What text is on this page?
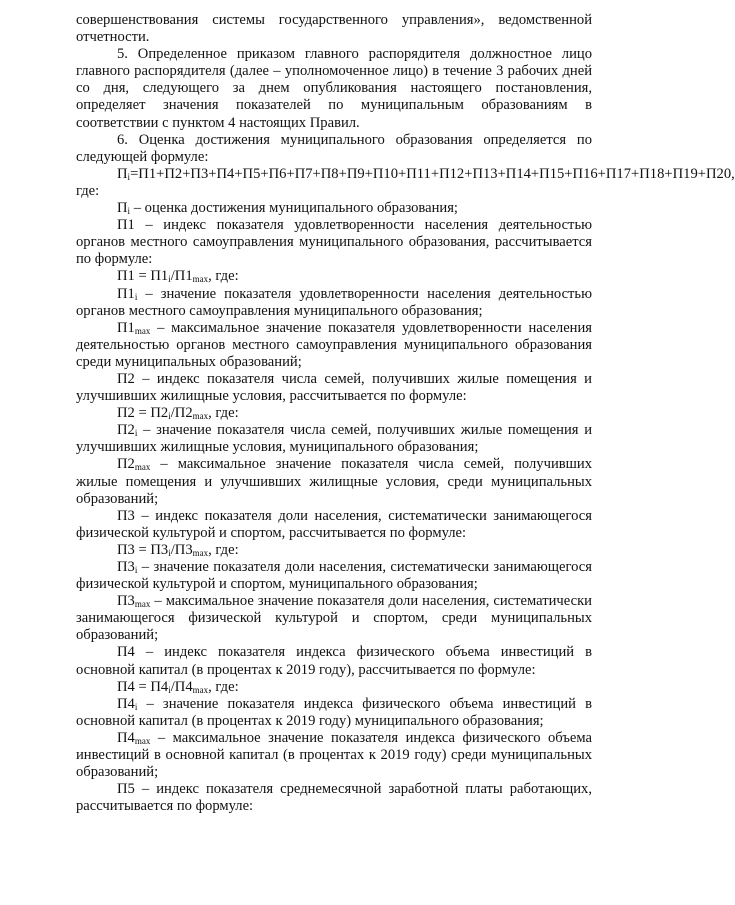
совершенствования системы государственного управления», ведомственной отчетности.

5. Определенное приказом главного распорядителя должностное лицо главного распорядителя (далее – уполномоченное лицо) в течение 3 рабочих дней со дня, следующего за днем опубликования настоящего постановления, определяет значения показателей по муниципальным образованиям в соответствии с пунктом 4 настоящих Правил.

6. Оценка достижения муниципального образования определяется по следующей формуле:

$П_i=П1+П2+П3+П4+П5+П6+П7+П8+П9+П10+П11+П12+П13+П14+П15+П16+П17+П18+П19+П20$, где:

$П_i$ – оценка достижения муниципального образования;

П1 – индекс показателя удовлетворенности населения деятельностью органов местного самоуправления муниципального образования, рассчитывается по формуле:

$П1 = П1_i/П1_{max}$, где:

$П1_i$ – значение показателя удовлетворенности населения деятельностью органов местного самоуправления муниципального образования;

$П1_{max}$ – максимальное значение показателя удовлетворенности населения деятельностью органов местного самоуправления муниципального образования среди муниципальных образований;

П2 – индекс показателя числа семей, получивших жилые помещения и улучшивших жилищные условия, рассчитывается по формуле:

$П2 = П2_i/П2_{max}$, где:

$П2_i$ – значение показателя числа семей, получивших жилые помещения и улучшивших жилищные условия, муниципального образования;

$П2_{max}$ – максимальное значение показателя числа семей, получивших жилые помещения и улучшивших жилищные условия, среди муниципальных образований;

П3 – индекс показателя доли населения, систематически занимающегося физической культурой и спортом, рассчитывается по формуле:

$П3 = П3_i/П3_{max}$, где:

$П3_i$ – значение показателя доли населения, систематически занимающегося физической культурой и спортом, муниципального образования;

$П3_{max}$ – максимальное значение показателя доли населения, систематически занимающегося физической культурой и спортом, среди муниципальных образований;

П4 – индекс показателя индекса физического объема инвестиций в основной капитал (в процентах к 2019 году), рассчитывается по формуле:

$П4 = П4_i/П4_{max}$, где:

$П4_i$ – значение показателя индекса физического объема инвестиций в основной капитал (в процентах к 2019 году) муниципального образования;

$П4_{max}$ – максимальное значение показателя индекса физического объема инвестиций в основной капитал (в процентах к 2019 году) среди муниципальных образований;

П5 – индекс показателя среднемесячной заработной платы работающих, рассчитывается по формуле:
